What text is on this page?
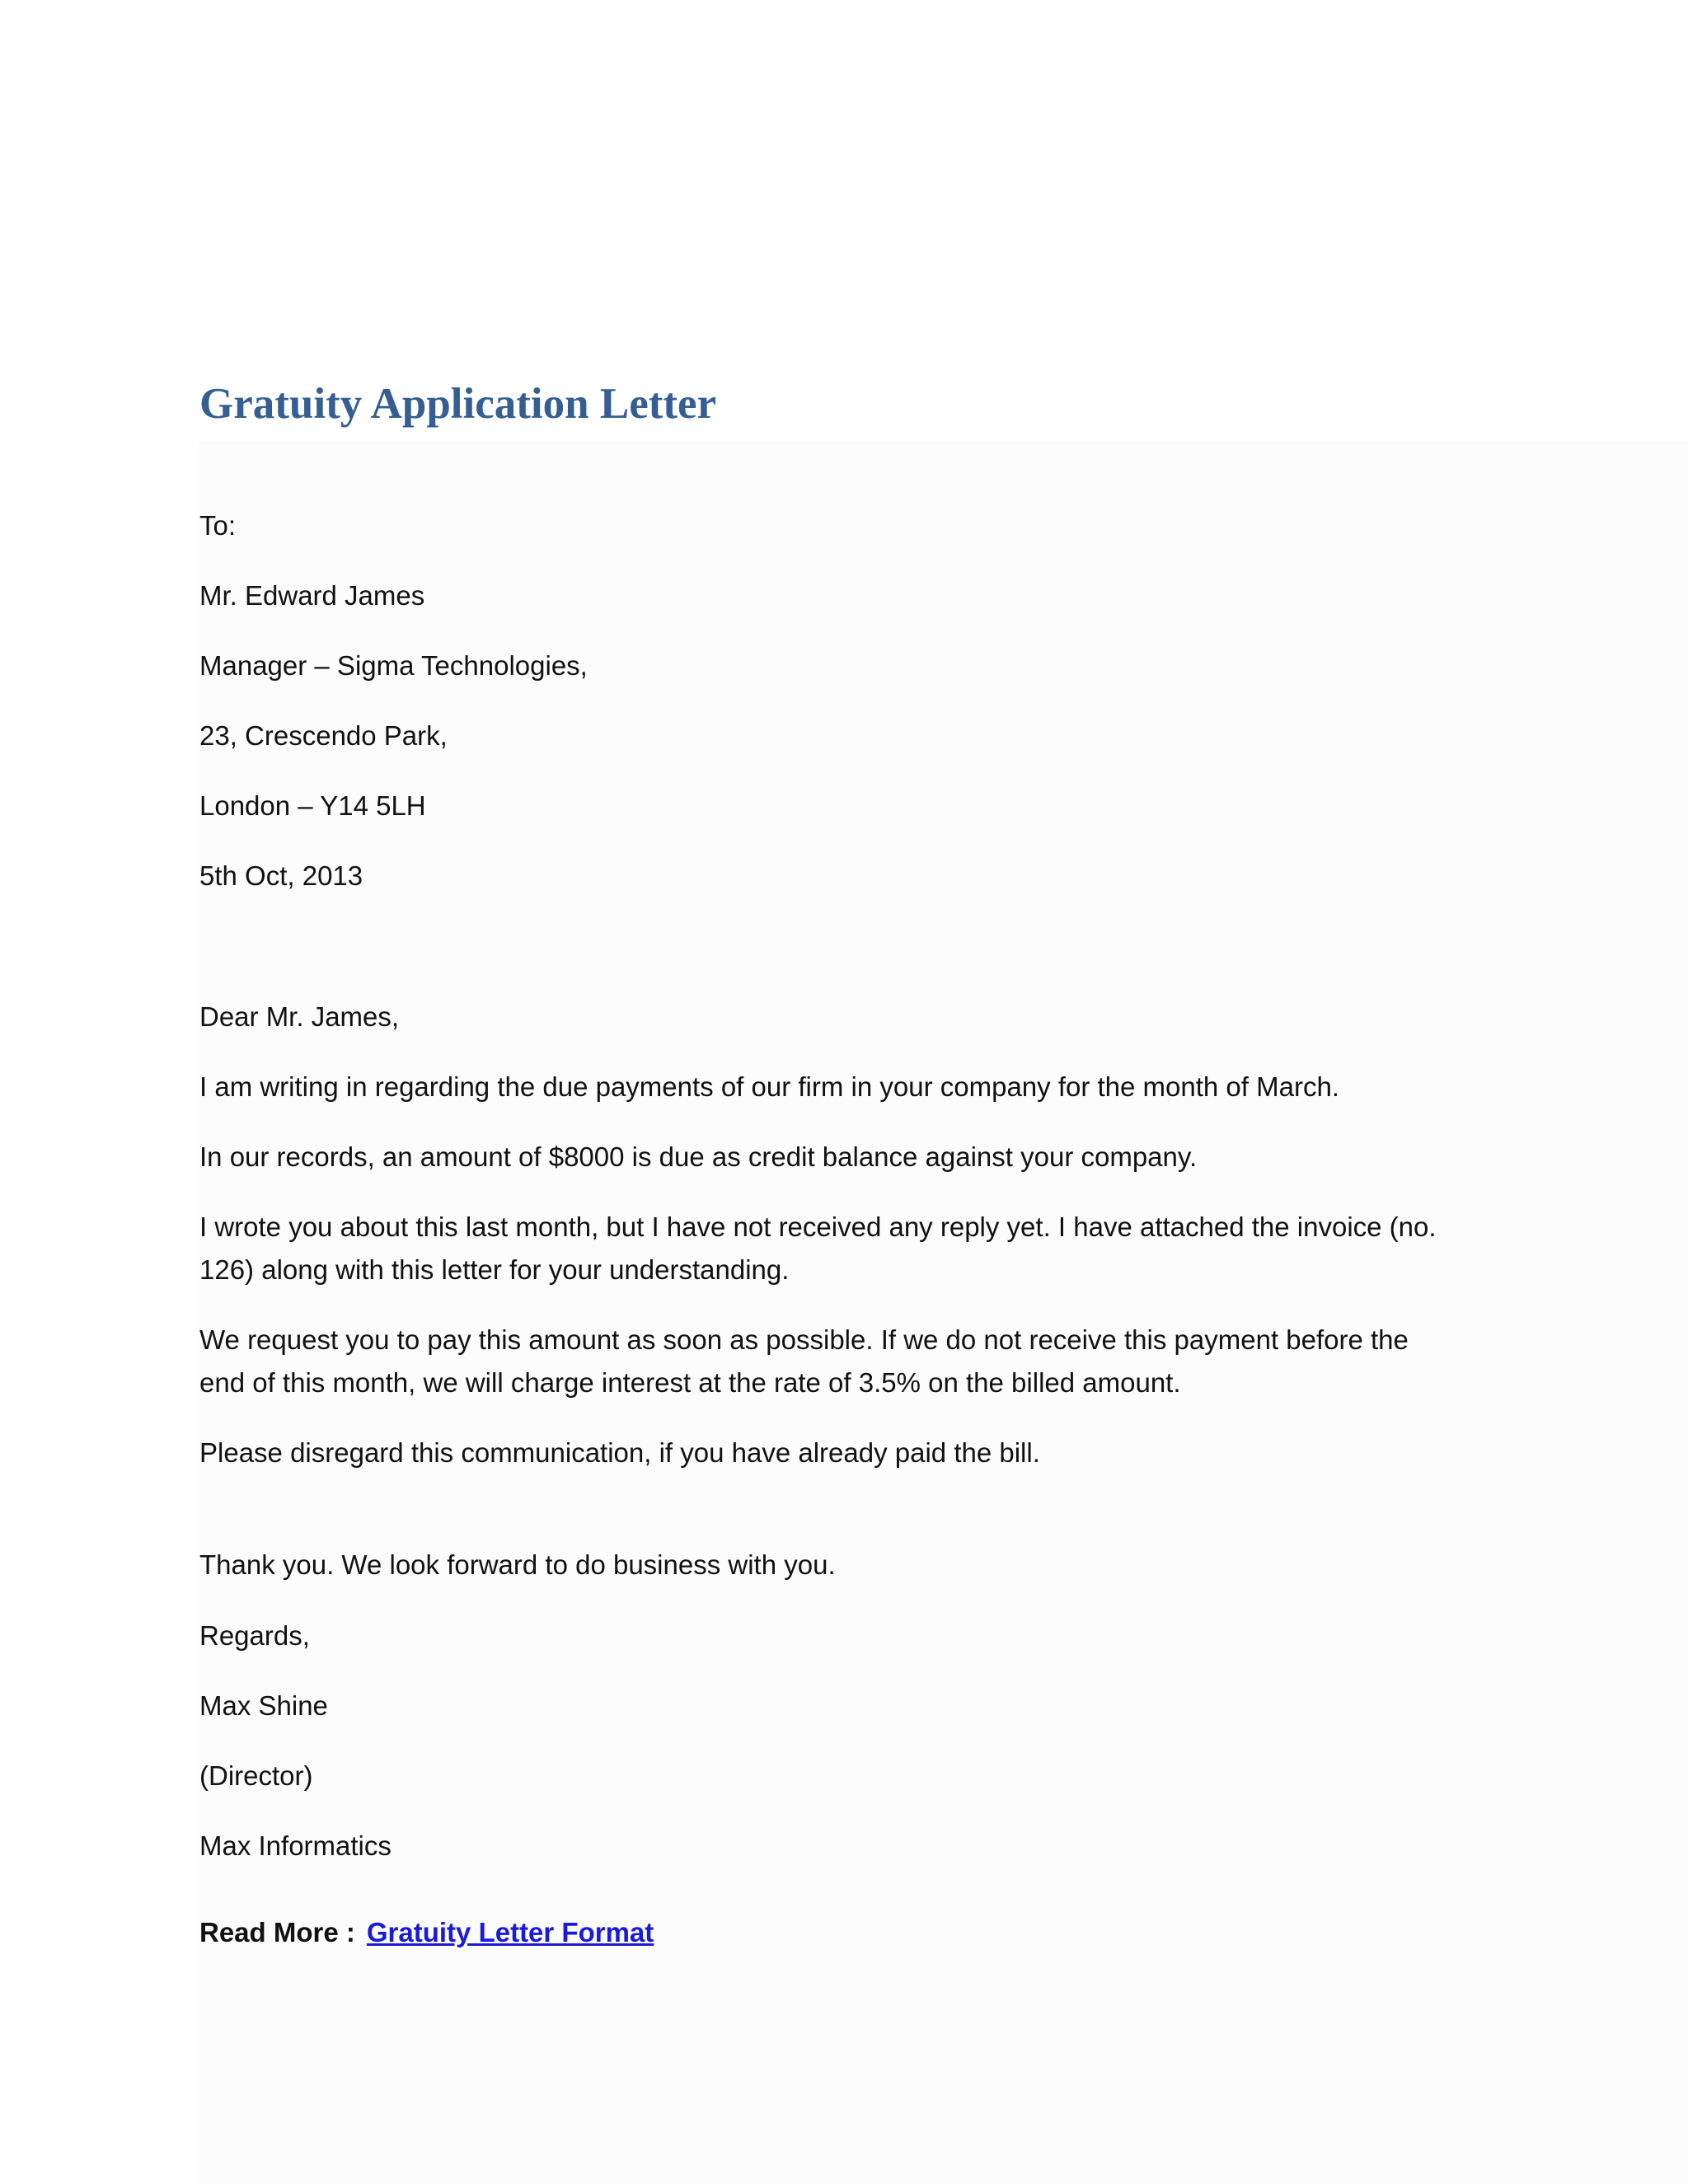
Gratuity Application Letter

To:

Mr. Edward James

Manager – Sigma Technologies,

23, Crescendo Park,

London – Y14 5LH

5th Oct, 2013

Dear Mr. James,

I am writing in regarding the due payments of our firm in your company for the month of March.

In our records, an amount of $8000 is due as credit balance against your company.

I wrote you about this last month, but I have not received any reply yet. I have attached the invoice (no.

126) along with this letter for your understanding.

We request you to pay this amount as soon as possible. If we do not receive this payment before the

end of this month, we will charge interest at the rate of 3.5% on the billed amount.

Please disregard this communication, if you have already paid the bill.

Thank you. We look forward to do business with you.

Regards,

Max Shine

(Director)

Max Informatics

Read More : Gratuity Letter Format
